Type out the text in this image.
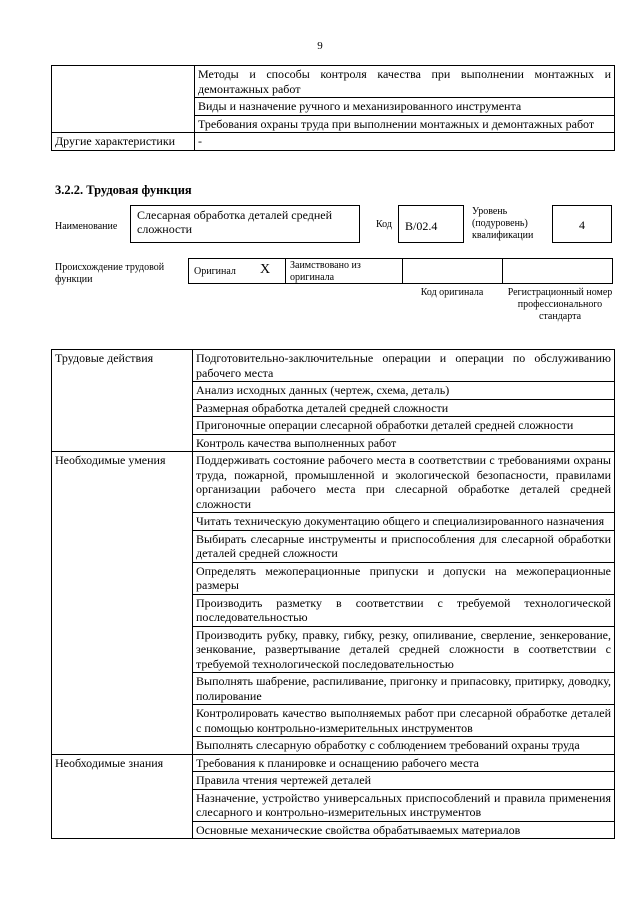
9
	Методы и способы контроля качества при выполнении монтажных и демонтажных работ
	Виды и назначение ручного и механизированного инструмента
	Требования охраны труда при выполнении монтажных и демонтажных работ
Другие характеристики	-
3.2.2. Трудовая функция
Наименование
Слесарная обработка деталей средней сложности	Код	B/02.4
Уровень (подуровень) квалификации
4
Происхождение трудовой функции
Оригинал X Заимствовано из оригинала
Код оригинала	Регистрационный номер профессионального стандарта
Трудовые действия	Подготовительно-заключительные операции и операции по обслуживанию рабочего места
	Анализ исходных данных (чертеж, схема, деталь)
	Размерная обработка деталей средней сложности
	Пригоночные операции слесарной обработки деталей средней сложности
	Контроль качества выполненных работ
Необходимые умения	Поддерживать состояние рабочего места в соответствии с требованиями охраны труда, пожарной, промышленной и экологической безопасности, правилами организации рабочего места при слесарной обработке деталей средней сложности
	Читать техническую документацию общего и специализированного назначения
	Выбирать слесарные инструменты и приспособления для слесарной обработки деталей средней сложности
	Определять межоперационные припуски и допуски на межоперационные размеры
	Производить разметку в соответствии с требуемой технологической последовательностью
	Производить рубку, правку, гибку, резку, опиливание, сверление, зенкерование, зенкование, развертывание деталей средней сложности в соответствии с требуемой технологической последовательностью
	Выполнять шабрение, распиливание, пригонку и припасовку, притирку, доводку, полирование
	Контролировать качество выполняемых работ при слесарной обработке деталей с помощью контрольно-измерительных инструментов
	Выполнять слесарную обработку с соблюдением требований охраны труда
Необходимые знания	Требования к планировке и оснащению рабочего места
	Правила чтения чертежей деталей
	Назначение, устройство универсальных приспособлений и правила применения слесарного и контрольно-измерительных инструментов
	Основные механические свойства обрабатываемых материалов
